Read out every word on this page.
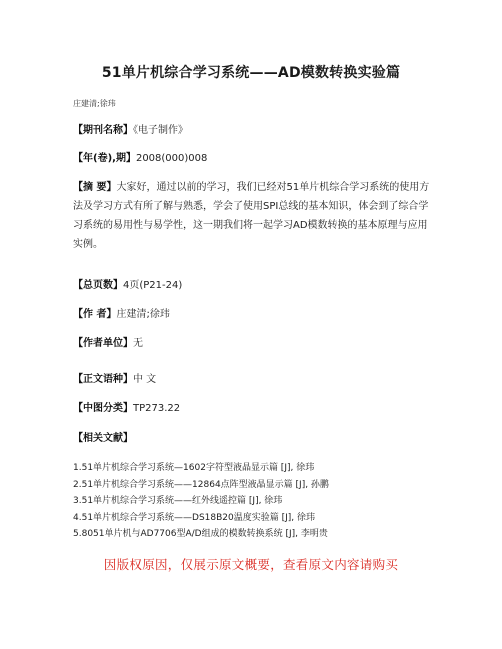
51单片机综合学习系统——AD模数转换实验篇
庄建清;徐玮
【期刊名称】《电子制作》
【年(卷),期】2008(000)008
【摘 要】大家好，通过以前的学习，我们已经对51单片机综合学习系统的使用方法及学习方式有所了解与熟悉，学会了使用SPI总线的基本知识，体会到了综合学习系统的易用性与易学性，这一期我们将一起学习AD模数转换的基本原理与应用实例。
【总页数】4页(P21-24)
【作 者】庄建清;徐玮
【作者单位】无
【正文语种】中 文
【中图分类】TP273.22
【相关文献】
1.51单片机综合学习系统—1602字符型液晶显示篇 [J], 徐玮
2.51单片机综合学习系统——12864点阵型液晶显示篇 [J], 孙鹏
3.51单片机综合学习系统——红外线遥控篇 [J], 徐玮
4.51单片机综合学习系统——DS18B20温度实验篇 [J], 徐玮
5.8051单片机与AD7706型A/D组成的模数转换系统 [J], 李明贵
因版权原因，仅展示原文概要，查看原文内容请购买
